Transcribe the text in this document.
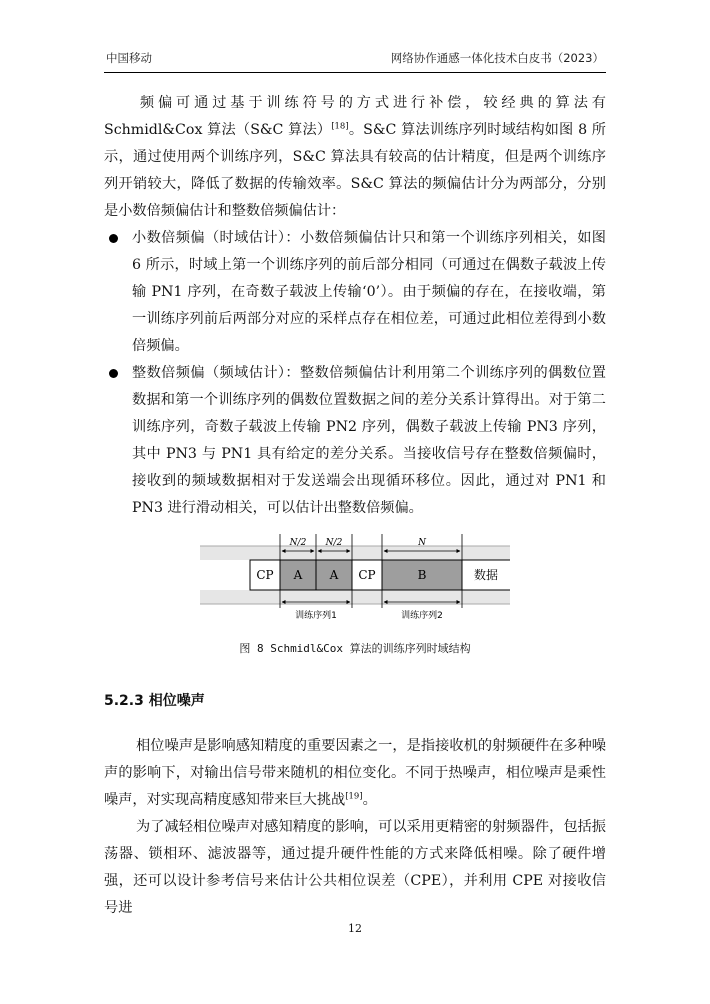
中国移动	网络协作通感一体化技术白皮书（2023）
频偏可通过基于训练符号的方式进行补偿，较经典的算法有 Schmidl&Cox 算法（S&C 算法）[18]。S&C 算法训练序列时域结构如图 8 所示，通过使用两个训练序列，S&C 算法具有较高的估计精度，但是两个训练序列开销较大，降低了数据的传输效率。S&C 算法的频偏估计分为两部分，分别是小数倍频偏估计和整数倍频偏估计：
小数倍频偏（时域估计）：小数倍频偏估计只和第一个训练序列相关，如图 6 所示，时域上第一个训练序列的前后部分相同（可通过在偶数子载波上传输 PN1 序列，在奇数子载波上传输‘0’）。由于频偏的存在，在接收端，第一训练序列前后两部分对应的采样点存在相位差，可通过此相位差得到小数倍频偏。
整数倍频偏（频域估计）：整数倍频偏估计利用第二个训练序列的偶数位置数据和第一个训练序列的偶数位置数据之间的差分关系计算得出。对于第二训练序列，奇数子载波上传输 PN2 序列，偶数子载波上传输 PN3 序列，其中 PN3 与 PN1 具有给定的差分关系。当接收信号存在整数倍频偏时，接收到的频域数据相对于发送端会出现循环移位。因此，通过对 PN1 和 PN3 进行滑动相关，可以估计出整数倍频偏。
CP A A CP	B	数据
N/2 N/2	N
训练序列1	训练序列2
图 8 Schmidl&Cox 算法的训练序列时域结构
5.2.3 相位噪声
相位噪声是影响感知精度的重要因素之一，是指接收机的射频硬件在多种噪声的影响下，对输出信号带来随机的相位变化。不同于热噪声，相位噪声是乘性噪声，对实现高精度感知带来巨大挑战[19]。
为了减轻相位噪声对感知精度的影响，可以采用更精密的射频器件，包括振荡器、锁相环、滤波器等，通过提升硬件性能的方式来降低相噪。除了硬件增强，还可以设计参考信号来估计公共相位误差（CPE），并利用 CPE 对接收信号进
12
